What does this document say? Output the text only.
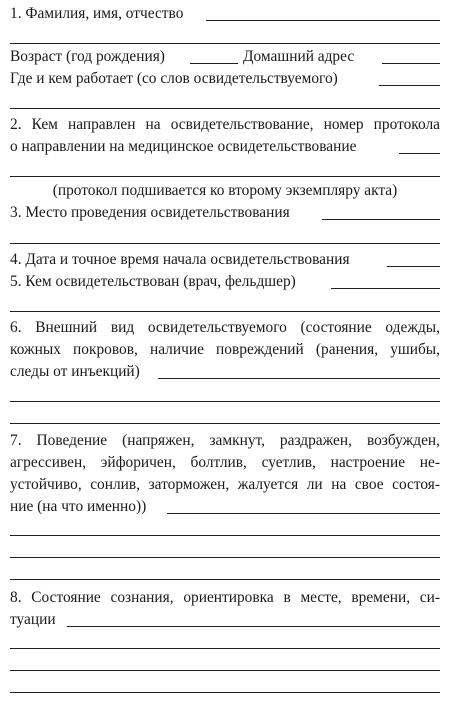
1. Фамилия, имя, отчество
Возраст (год рождения)	Домашний адрес
Где и кем работает (со слов освидетельствуемого)
2. Кем направлен на освидетельствование, номер протокола
о направлении на медицинское освидетельствование
(протокол подшивается ко второму экземпляру акта)
3. Место проведения освидетельствования
4. Дата и точное время начала освидетельствования
5. Кем освидетельствован (врач, фельдшер)
6. Внешний вид освидетельствуемого (состояние одежды,
кожных покровов, наличие повреждений (ранения, ушибы,
следы от инъекций)
7. Поведение (напряжен, замкнут, раздражен, возбужден,
агрессивен, эйфоричен, болтлив, суетлив, настроение не-
устойчиво, сонлив, заторможен, жалуется ли на свое состоя-
ние (на что именно))
8. Состояние сознания, ориентировка в месте, времени, си-
туации
